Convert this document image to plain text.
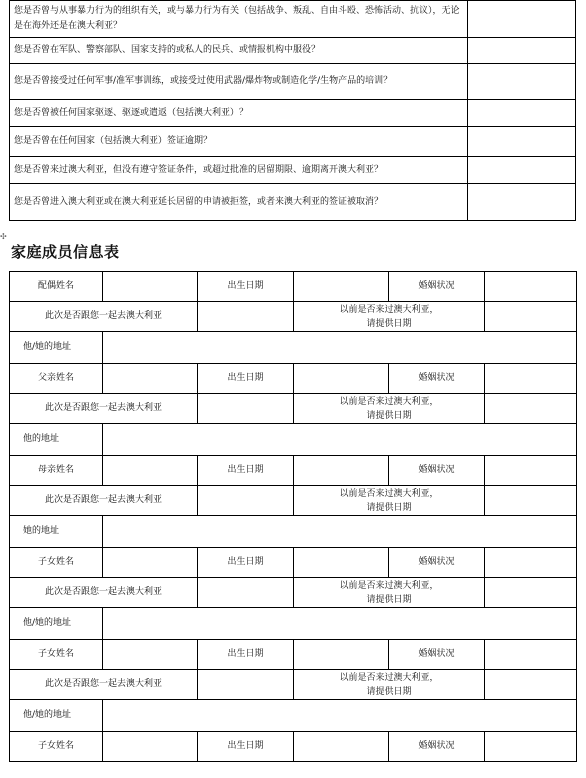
您是否曾与从事暴力行为的组织有关，或与暴力行为有关（包括战争、叛乱、自由斗殴、恐怖活动、抗议），无论是在海外还是在澳大利亚？	
您是否曾在军队、警察部队、国家支持的或私人的民兵、或情报机构中服役？	
您是否曾接受过任何军事/准军事训练，或接受过使用武器/爆炸物或制造化学/生物产品的培训？	
您是否曾被任何国家驱逐、驱逐或遣返（包括澳大利亚）？	
您是否曾在任何国家（包括澳大利亚）签证逾期？	
您是否曾来过澳大利亚，但没有遵守签证条件，或超过批准的居留期限、逾期离开澳大利亚？	
您是否曾进入澳大利亚或在澳大利亚延长居留的申请被拒签，或者来澳大利亚的签证被取消？	
✣
家庭成员信息表
配偶姓名		出生日期		婚姻状况	
此次是否跟您一起去澳大利亚			以前是否来过澳大利亚，
请提供日期		

他/她的地址					
父亲姓名		出生日期		婚姻状况	
此次是否跟您一起去澳大利亚			以前是否来过澳大利亚，
请提供日期		

他的地址					
母亲姓名		出生日期		婚姻状况	
此次是否跟您一起去澳大利亚			以前是否来过澳大利亚，
请提供日期		

她的地址					
子女姓名		出生日期		婚姻状况	
此次是否跟您一起去澳大利亚			以前是否来过澳大利亚，
请提供日期		

他/她的地址					
子女姓名		出生日期		婚姻状况	
此次是否跟您一起去澳大利亚			以前是否来过澳大利亚，
请提供日期		

他/她的地址					
子女姓名		出生日期		婚姻状况	
